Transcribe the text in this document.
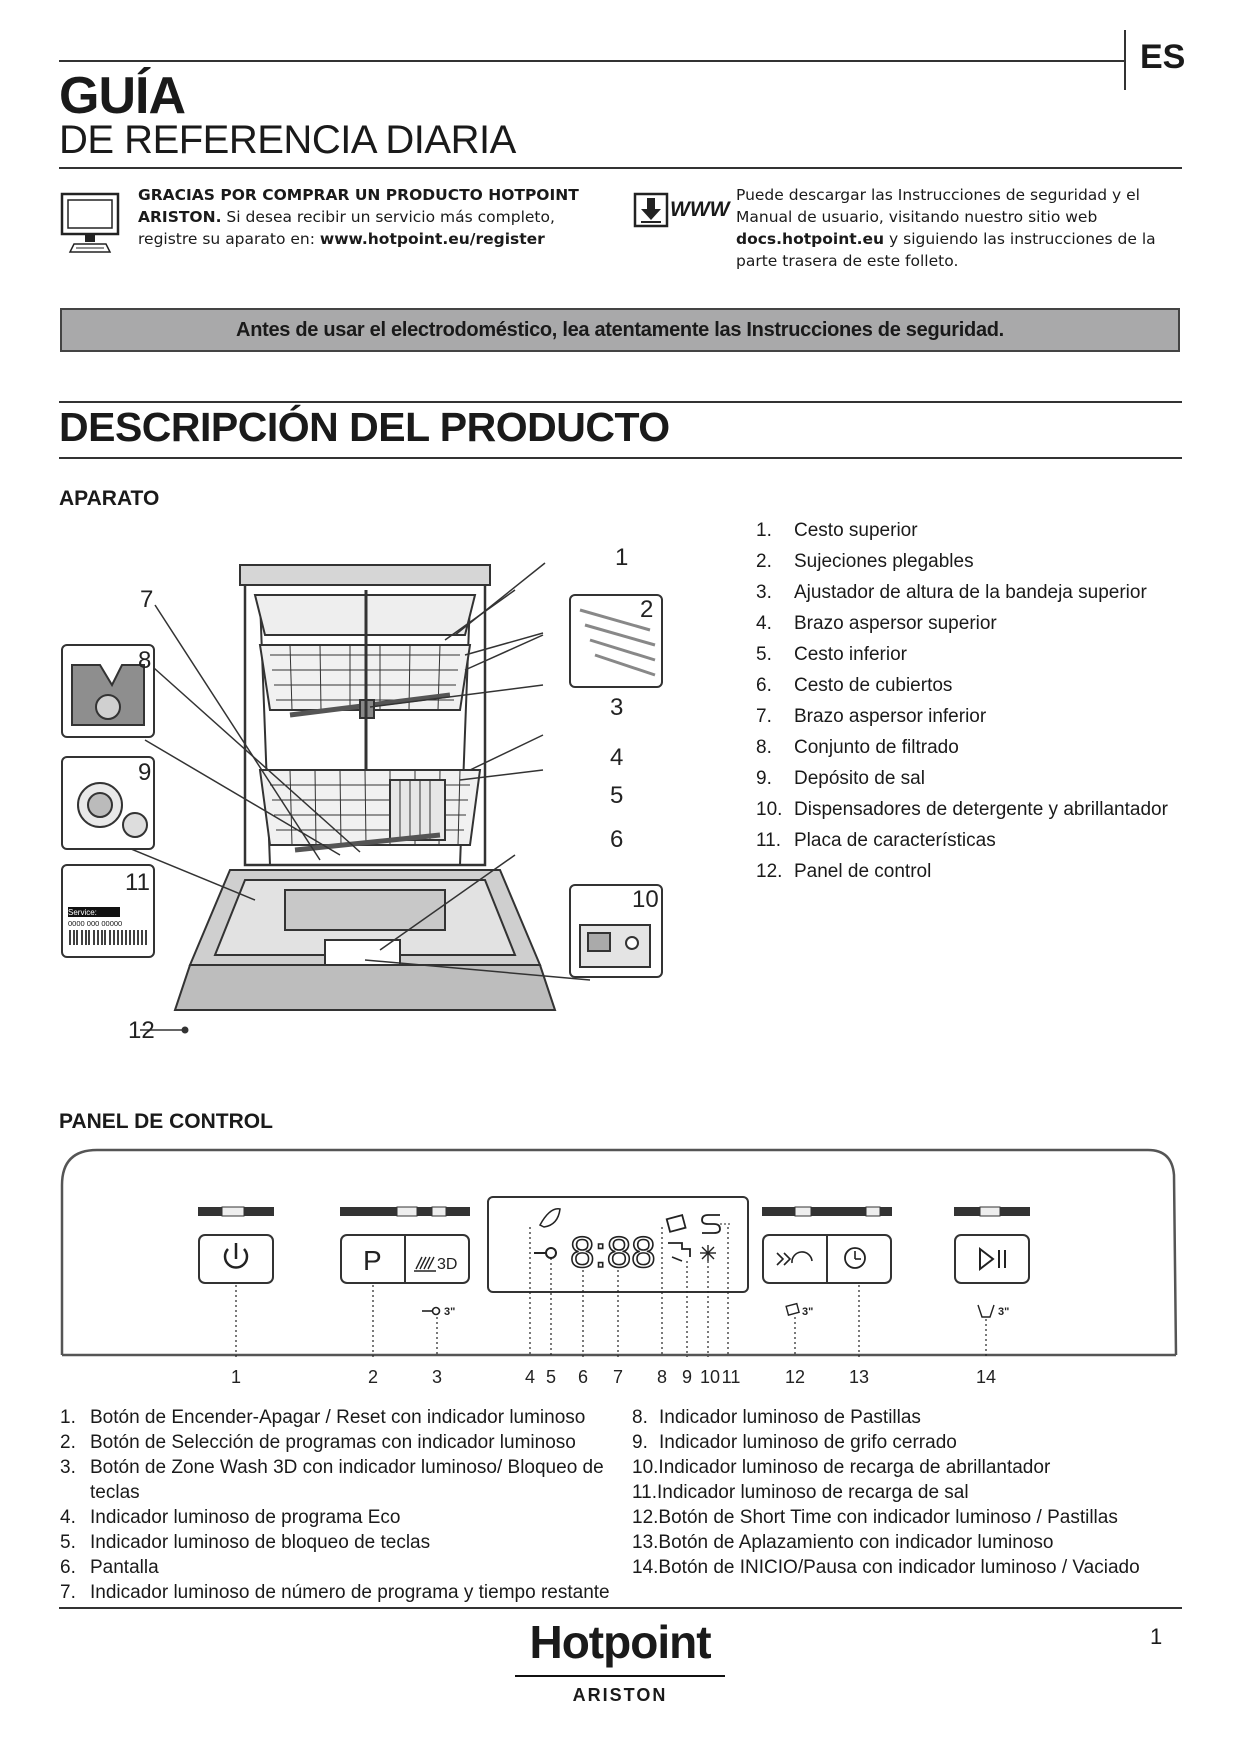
ES
GUÍA
DE REFERENCIA DIARIA
GRACIAS POR COMPRAR UN PRODUCTO HOTPOINT ARISTON. Si desea recibir un servicio más completo, registre su aparato en: www.hotpoint.eu/register
WWW
Puede descargar las Instrucciones de seguridad y el Manual de usuario, visitando nuestro sitio web docs.hotpoint.eu y siguiendo las instrucciones de la parte trasera de este folleto.
Antes de usar el electrodoméstico, lea atentamente las Instrucciones de seguridad.
DESCRIPCIÓN DEL PRODUCTO
APARATO
Service:
0000 000 00000
1
2
3
4
5
6
7
8
9
10
11
12
1.	Cesto superior
2.	Sujeciones plegables
3.	Ajustador de altura de la bandeja superior
4.	Brazo aspersor superior
5.	Cesto inferior
6.	Cesto de cubiertos
7.	Brazo aspersor inferior
8.	Conjunto de filtrado
9.	Depósito de sal
10. Dispensadores de detergente y abrillantador
11. Placa de características
12. Panel de control
PANEL DE CONTROL
P	3D	8:88
3"	3"	3"
1	2	3	4 5 6 7 8 9 10 11 12 13	14
1. Botón de Encender-Apagar / Reset con indicador luminoso
2. Botón de Selección de programas con indicador luminoso
3. Botón de Zone Wash 3D con indicador luminoso/ Bloqueo de teclas
4. Indicador luminoso de programa Eco
5. Indicador luminoso de bloqueo de teclas
6. Pantalla
7. Indicador luminoso de número de programa y tiempo restante
8. Indicador luminoso de Pastillas
9. Indicador luminoso de grifo cerrado
10. Indicador luminoso de recarga de abrillantador
11. Indicador luminoso de recarga de sal
12. Botón de Short Time con indicador luminoso / Pastillas
13. Botón de Aplazamiento con indicador luminoso
14. Botón de INICIO/Pausa con indicador luminoso / Vaciado
Hotpoint
ARISTON
1
